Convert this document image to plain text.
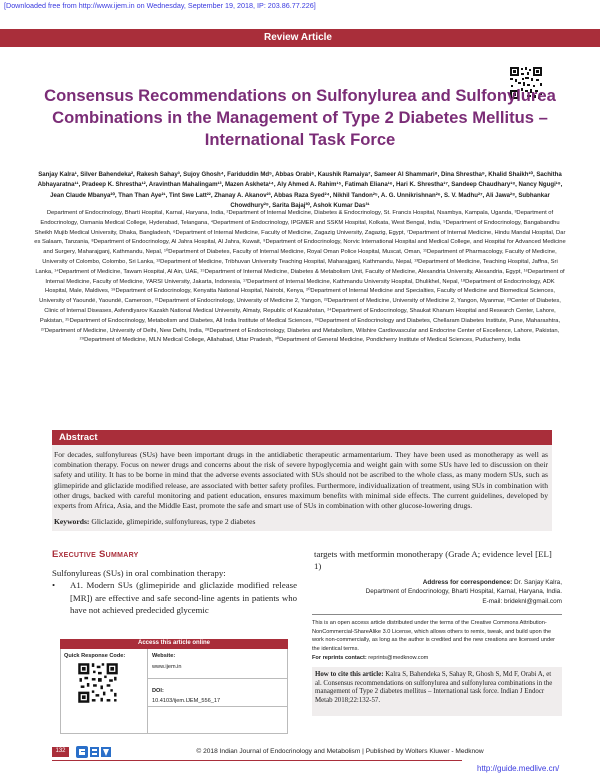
[Downloaded free from http://www.ijem.in on Wednesday, September 19, 2018, IP: 203.86.77.226]
Review Article
Consensus Recommendations on Sulfonylurea and Sulfonylurea Combinations in the Management of Type 2 Diabetes Mellitus – International Task Force
Sanjay Kalra¹, Silver Bahendeka², Rakesh Sahay³, Sujoy Ghosh⁴, Fariduddin Md⁵, Abbas Orabi⁶, Kaushik Ramaiya⁷, Sameer Al Shammari⁸, Dina Shrestha⁹, Khalid Shaikh¹⁰, Sachitha Abhayaratna¹¹, Pradeep K. Shrestha¹², Aravinthan Mahalingam¹³, Mazen Askheta¹⁴, Aly Ahmed A. Rahim¹⁵, Fatimah Eliana¹⁶, Hari K. Shrestha¹⁷, Sandeep Chaudhary¹⁸, Nancy Ngugi¹⁹, Jean Claude Mbanya²⁰, Than Than Aye²¹, Tint Swe Latt²², Zhanay A. Akanov²³, Abbas Raza Syed²⁴, Nikhil Tandon²⁵, A. G. Unnikrishnan²⁶, S. V. Madhu²⁷, Ali Jawa²⁸, Subhankar Chowdhury²⁹, Sarita Bajaj³⁰, Ashok Kumar Das³¹
Department of Endocrinology, Bharti Hospital, Karnal, Haryana, India, ²Department of Internal Medicine, Diabetes & Endocrinology, St. Francis Hospital, Nsambya, Kampala, Uganda, ³Department of Endocrinology, Osmania Medical College, Hyderabad, Telangana, ⁴Department of Endocrinology, IPGMER and SSKM Hospital, Kolkata, West Bengal, India, ⁵Department of Endocrinology, Bangabandhu Sheikh Mujib Medical University, Dhaka, Bangladesh, ⁶Department of Internal Medicine, Faculty of Medicine, Zagazig University, Zagazig, Egypt, ⁷Department of Internal Medicine, Hindu Mandal Hospital, Dar es Salaam, Tanzania, ⁸Department of Endocrinology, Al Jahra Hospital, Al Jahra, Kuwait, ⁹Department of Endocrinology, Norvic International Hospital and Medical College, and Hospital for Advanced Medicine and Surgery, Maharajganj, Kathmandu, Nepal, ¹⁰Department of Diabetes, Faculty of Internal Medicine, Royal Oman Police Hospital, Muscat, Oman, ¹¹Department of Pharmacology, Faculty of Medicine, University of Colombo, Colombo, Sri Lanka, ¹²Department of Medicine, Tribhuvan University Teaching Hospital, Maharajganj, Kathmandu, Nepal, ¹³Department of Medicine, Teaching Hospital, Jaffna, Sri Lanka, ¹⁴Department of Medicine, Tawam Hospital, Al Ain, UAE, ¹⁵Department of Internal Medicine, Diabetes & Metabolism Unit, Faculty of Medicine, Alexandria University, Alexandria, Egypt, ¹⁶Department of Internal Medicine, Faculty of Medicine, YARSI University, Jakarta, Indonesia, ¹⁷Department of Internal Medicine, Kathmandu University Hospital, Dhulikhel, Nepal, ¹⁸Department of Endocrinology, ADK Hospital, Male, Maldives, ¹⁹Department of Endocrinology, Kenyatta National Hospital, Nairobi, Kenya, ²⁰Department of Internal Medicine and Specialties, Faculty of Medicine and Biomedical Sciences, University of Yaoundé, Yaoundé, Cameroon, ²¹Department of Endocrinology, University of Medicine 2, Yangon, ²²Department of Medicine, University of Medicine 2, Yangon, Myanmar, ²³Center of Diabetes, Clinic of Internal Diseases, Asfendiyarov Kazakh National Medical University, Almaty, Republic of Kazakhstan, ²⁴Department of Endocrinology, Shaukat Khanum Hospital and Research Center, Lahore, Pakistan, ²⁵Department of Endocrinology, Metabolism and Diabetes, All India Institute of Medical Sciences, ²⁶Department of Endocrinology and Diabetes, Chellaram Diabetes Institute, Pune, Maharashtra, ²⁷Department of Medicine, University of Delhi, New Delhi, India, ²⁸Department of Endocrinology, Diabetes and Metabolism, Wilshire Cardiovascular and Endocrine Center of Excellence, Lahore, Pakistan, ²⁹Department of Medicine, MLN Medical College, Allahabad, Uttar Pradesh, ³⁰Department of General Medicine, Pondicherry Institute of Medical Sciences, Puducherry, India
Abstract
For decades, sulfonylureas (SUs) have been important drugs in the antidiabetic therapeutic armamentarium. They have been used as monotherapy as well as combination therapy. Focus on newer drugs and concerns about the risk of severe hypoglycemia and weight gain with some SUs have led to discussion on their safety and utility. It has to be borne in mind that the adverse events associated with SUs should not be ascribed to the whole class, as many modern SUs, such as glimepiride and gliclazide modified release, are associated with better safety profiles. Furthermore, individualization of treatment, using SUs in combination with other drugs, backed with careful monitoring and patient education, ensures maximum benefits with minimal side effects. The current guidelines, developed by experts from Africa, Asia, and the Middle East, promote the safe and smart use of SUs in combination with other glucose-lowering drugs.
Keywords: Gliclazide, glimepiride, sulfonylureas, type 2 diabetes
Executive Summary
Sulfonylureas (SUs) in oral combination therapy:
• A1. Modern SUs (glimepiride and gliclazide modified release [MR]) are effective and safe second-line agents in patients who have not achieved predecided glycemic
targets with metformin monotherapy (Grade A; evidence level [EL] 1)
Address for correspondence: Dr. Sanjay Kalra,
Department of Endocrinology, Bharti Hospital, Karnal, Haryana, India.
E-mail: brideknl@gmail.com
This is an open access article distributed under the terms of the Creative Commons Attribution-NonCommercial-ShareAlike 3.0 License, which allows others to remix, tweak, and build upon the work non-commercially, as long as the author is credited and the new creations are licensed under the identical terms.
For reprints contact: reprints@medknow.com
How to cite this article: Kalra S, Bahendeka S, Sahay R, Ghosh S, Md F, Orabi A, et al. Consensus recommendations on sulfonylurea and sulfonylurea combinations in the management of Type 2 diabetes mellitus – International task force. Indian J Endocr Metab 2018;22:132-57.
Access this article online
Quick Response Code:	Website:
www.ijem.in
DOI:
10.4103/ijem.IJEM_556_17
132	© 2018 Indian Journal of Endocrinology and Metabolism | Published by Wolters Kluwer - Medknow
http://guide.medlive.cn/
